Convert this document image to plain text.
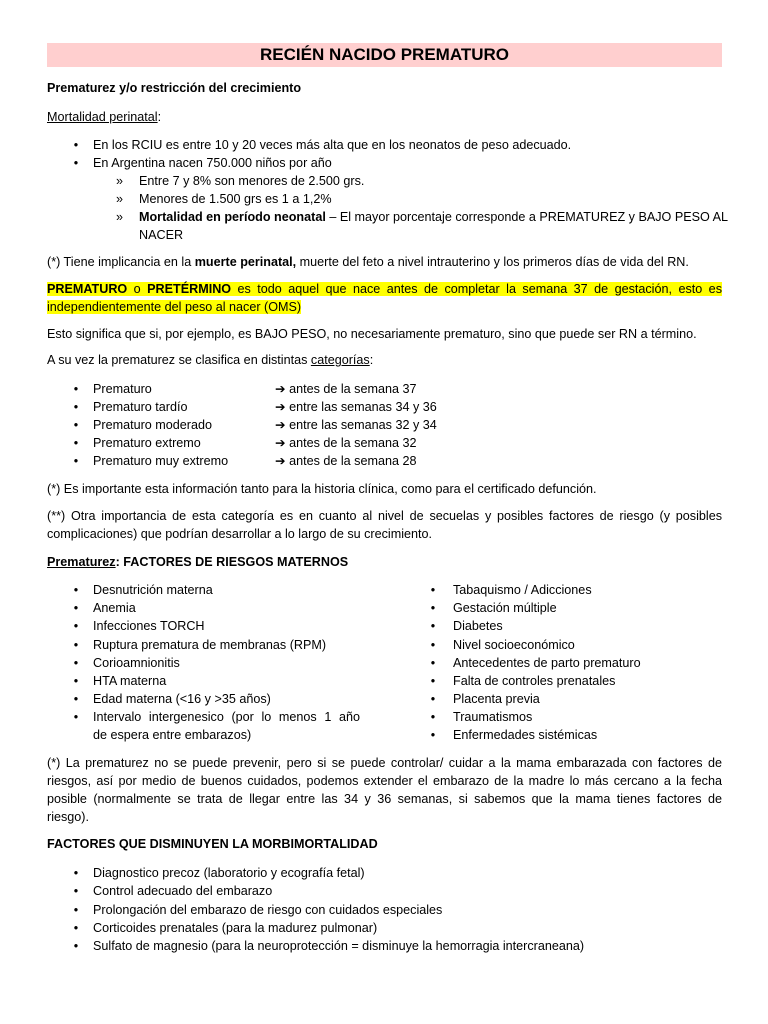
RECIÉN NACIDO PREMATURO
Prematurez y/o restricción del crecimiento
Mortalidad perinatal:
•	En los RCIU es entre 10 y 20 veces más alta que en los neonatos de peso adecuado.
•	En Argentina nacen 750.000 niños por año
»	Entre 7 y 8% son menores de 2.500 grs.
»	Menores de 1.500 grs es 1 a 1,2%
»	Mortalidad en período neonatal – El mayor porcentaje corresponde a PREMATUREZ y BAJO PESO AL
NACER
(*) Tiene implicancia en la muerte perinatal, muerte del feto a nivel intrauterino y los primeros días de vida del RN.
PREMATURO o PRETÉRMINO es todo aquel que nace antes de completar la semana 37 de gestación, esto es
independientemente del peso al nacer (OMS)
Esto significa que si, por ejemplo, es BAJO PESO, no necesariamente prematuro, sino que puede ser RN a término.
A su vez la prematurez se clasifica en distintas categorías:
•	Prematuro	➔ antes de la semana 37
•	Prematuro tardío	➔ entre las semanas 34 y 36
•	Prematuro moderado	➔ entre las semanas 32 y 34
•	Prematuro extremo	➔ antes de la semana 32
•	Prematuro muy extremo	➔ antes de la semana 28
(*) Es importante esta información tanto para la historia clínica, como para el certificado defunción.
(**) Otra importancia de esta categoría es en cuanto al nivel de secuelas y posibles factores de riesgo (y posibles
complicaciones) que podrían desarrollar a lo largo de su crecimiento.
Prematurez: FACTORES DE RIESGOS MATERNOS
•	Desnutrición materna
•	Anemia
•	Infecciones TORCH
•	Ruptura prematura de membranas (RPM)
•	Corioamnionitis
•	HTA materna
•	Edad materna (<16 y >35 años)
•	Intervalo intergenesico (por lo menos 1 año
de espera entre embarazos)
•	Tabaquismo / Adicciones
•	Gestación múltiple
•	Diabetes
•	Nivel socioeconómico
•	Antecedentes de parto prematuro
•	Falta de controles prenatales
•	Placenta previa
•	Traumatismos
•	Enfermedades sistémicas
(*) La prematurez no se puede prevenir, pero si se puede controlar/ cuidar a la mama embarazada con factores de
riesgos, así por medio de buenos cuidados, podemos extender el embarazo de la madre lo más cercano a la fecha
posible (normalmente se trata de llegar entre las 34 y 36 semanas, si sabemos que la mama tienes factores de
riesgo).
FACTORES QUE DISMINUYEN LA MORBIMORTALIDAD
•	Diagnostico precoz (laboratorio y ecografía fetal)
•	Control adecuado del embarazo
•	Prolongación del embarazo de riesgo con cuidados especiales
•	Corticoides prenatales (para la madurez pulmonar)
•	Sulfato de magnesio (para la neuroprotección = disminuye la hemorragia intercraneana)
